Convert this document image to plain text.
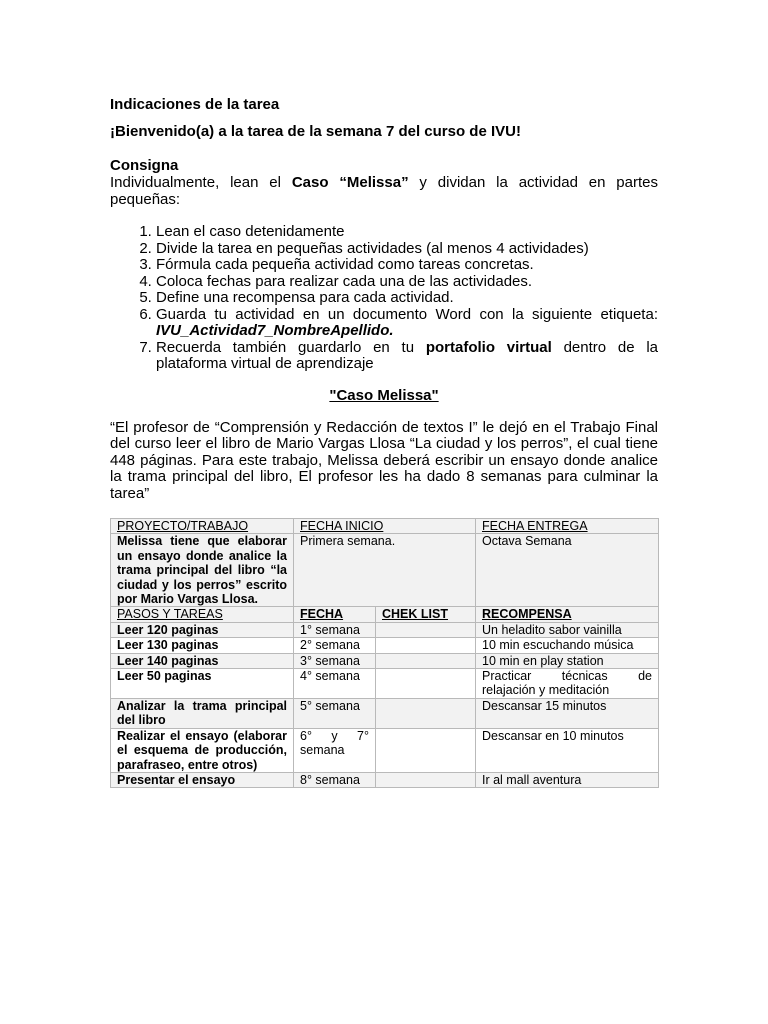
Indicaciones de la tarea

¡Bienvenido(a) a la tarea de la semana 7 del curso de IVU!

Consigna

Individualmente, lean el Caso “Melissa” y dividan la actividad en partes pequeñas:

1. Lean el caso detenidamente
2. Divide la tarea en pequeñas actividades (al menos 4 actividades)
3. Fórmula cada pequeña actividad como tareas concretas.
4. Coloca fechas para realizar cada una de las actividades.
5. Define una recompensa para cada actividad.
6. Guarda tu actividad en un documento Word con la siguiente etiqueta: IVU_Actividad7_NombreApellido.
7. Recuerda también guardarlo en tu portafolio virtual dentro de la plataforma virtual de aprendizaje

"Caso Melissa"

“El profesor de “Comprensión y Redacción de textos I” le dejó en el Trabajo Final del curso leer el libro de Mario Vargas Llosa “La ciudad y los perros”, el cual tiene 448 páginas. Para este trabajo, Melissa deberá escribir un ensayo donde analice la trama principal del libro, El profesor les ha dado 8 semanas para culminar la tarea”

PROYECTO/TRABAJO	FECHA INICIO		FECHA ENTREGA
Melissa tiene que elaborar un ensayo donde analice la trama principal del libro “la ciudad y los perros” escrito por Mario Vargas Llosa.	Primera semana.		Octava Semana
PASOS Y TAREAS	FECHA	CHEK LIST	RECOMPENSA
Leer 120 paginas	1° semana		Un heladito sabor vainilla
Leer 130 paginas	2° semana		10 min escuchando música
Leer 140 paginas	3° semana		10 min en play station
Leer 50 paginas	4° semana		Practicar técnicas de relajación y meditación
Analizar la trama principal del libro	5° semana		Descansar 15 minutos
Realizar el ensayo (elaborar el esquema de producción, parafraseo, entre otros)	6° y 7° semana		Descansar en 10 minutos
Presentar el ensayo	8° semana		Ir al mall aventura
